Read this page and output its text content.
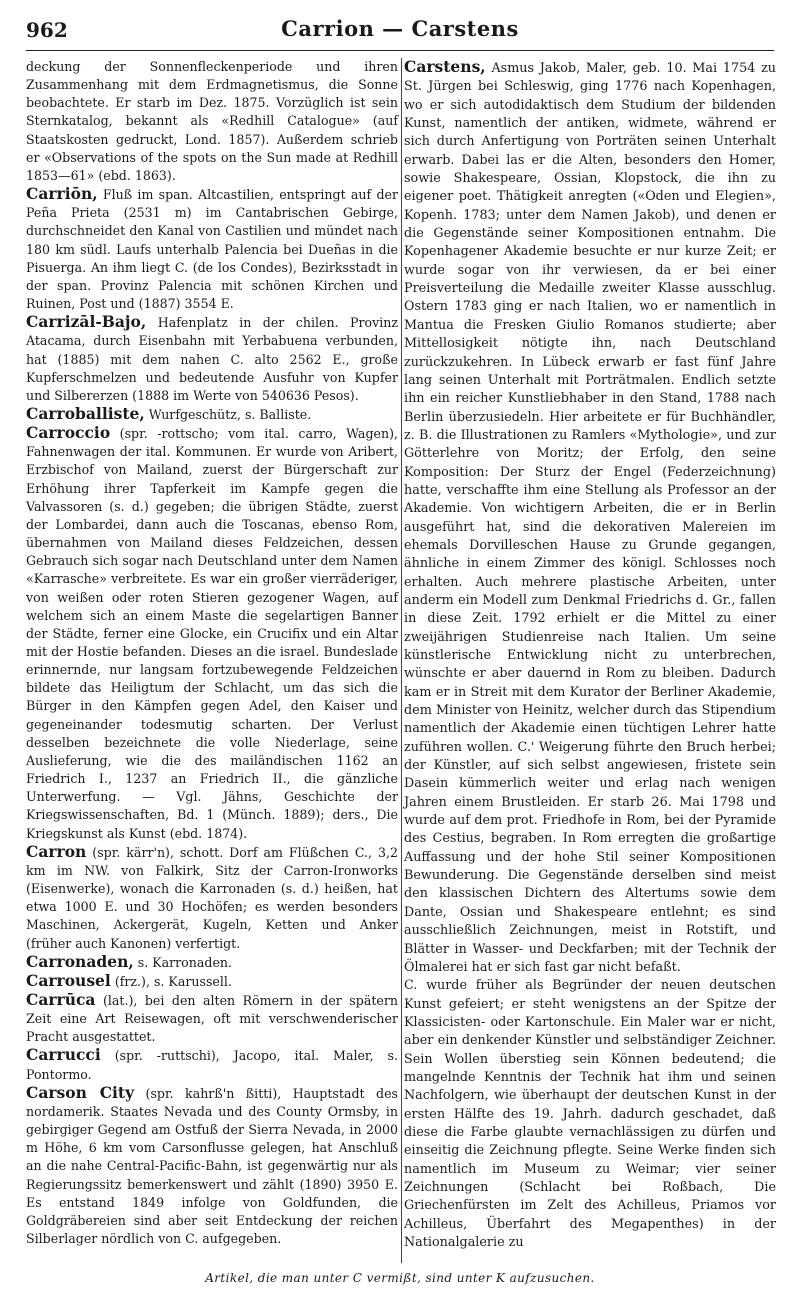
962	Carrion — Carstens

deckung der Sonnenfleckenperiode und ihren Zusammenhang mit dem Erdmagnetismus, die Sonne beobachtete. Er starb im Dez. 1875. Vorzüglich ist sein Sternkatalog, bekannt als «Redhill Catalogue» (auf Staatskosten gedruckt, Lond. 1857). Außerdem schrieb er «Observations of the spots on the Sun made at Redhill 1853—61» (ebd. 1863).

Carriōn, Fluß im span. Altcastilien, entspringt auf der Peña Prieta (2531 m) im Cantabrischen Gebirge, durchschneidet den Kanal von Castilien und mündet nach 180 km südl. Laufs unterhalb Palencia bei Dueñas in die Pisuerga. An ihm liegt C. (de los Condes), Bezirksstadt in der span. Provinz Palencia mit schönen Kirchen und Ruinen, Post und (1887) 3554 E.

Carrizāl-Bajo, Hafenplatz in der chilen. Provinz Atacama, durch Eisenbahn mit Yerbabuena verbunden, hat (1885) mit dem nahen C. alto 2562 E., große Kupferschmelzen und bedeutende Ausfuhr von Kupfer und Silbererzen (1888 im Werte von 540636 Pesos).

Carroballiste, Wurfgeschütz, s. Balliste.

Carroccio (spr. -rottscho; vom ital. carro, Wagen), Fahnenwagen der ital. Kommunen. Er wurde von Aribert, Erzbischof von Mailand, zuerst der Bürgerschaft zur Erhöhung ihrer Tapferkeit im Kampfe gegen die Valvassoren (s. d.) gegeben; die übrigen Städte, zuerst der Lombardei, dann auch die Toscanas, ebenso Rom, übernahmen von Mailand dieses Feldzeichen, dessen Gebrauch sich sogar nach Deutschland unter dem Namen «Karrasche» verbreitete. Es war ein großer vierräderiger, von weißen oder roten Stieren gezogener Wagen, auf welchem sich an einem Maste die segelartigen Banner der Städte, ferner eine Glocke, ein Crucifix und ein Altar mit der Hostie befanden. Dieses an die israel. Bundeslade erinnernde, nur langsam fortzubewegende Feldzeichen bildete das Heiligtum der Schlacht, um das sich die Bürger in den Kämpfen gegen Adel, den Kaiser und gegeneinander todesmutig scharten. Der Verlust desselben bezeichnete die volle Niederlage, seine Auslieferung, wie die des mailändischen 1162 an Friedrich I., 1237 an Friedrich II., die gänzliche Unterwerfung. — Vgl. Jähns, Geschichte der Kriegswissenschaften, Bd. 1 (Münch. 1889); ders., Die Kriegskunst als Kunst (ebd. 1874).

Carron (spr. kärr'n), schott. Dorf am Flüßchen C., 3,2 km im NW. von Falkirk, Sitz der Carron-Ironworks (Eisenwerke), wonach die Karronaden (s. d.) heißen, hat etwa 1000 E. und 30 Hochöfen; es werden besonders Maschinen, Ackergerät, Kugeln, Ketten und Anker (früher auch Kanonen) verfertigt.

Carronaden, s. Karronaden.

Carrousel (frz.), s. Karussell.

Carrūca (lat.), bei den alten Römern in der spätern Zeit eine Art Reisewagen, oft mit verschwenderischer Pracht ausgestattet.

Carrucci (spr. -ruttschi), Jacopo, ital. Maler, s. Pontormo.

Carson City (spr. kahrß'n ßitti), Hauptstadt des nordamerik. Staates Nevada und des County Ormsby, in gebirgiger Gegend am Ostfuß der Sierra Nevada, in 2000 m Höhe, 6 km vom Carsonflusse gelegen, hat Anschluß an die nahe Central-Pacific-Bahn, ist gegenwärtig nur als Regierungssitz bemerkenswert und zählt (1890) 3950 E. Es entstand 1849 infolge von Goldfunden, die Goldgräbereien sind aber seit Entdeckung der reichen Silberlager nördlich von C. aufgegeben.

Carstens, Asmus Jakob, Maler, geb. 10. Mai 1754 zu St. Jürgen bei Schleswig, ging 1776 nach Kopenhagen, wo er sich autodidaktisch dem Studium der bildenden Kunst, namentlich der antiken, widmete, während er sich durch Anfertigung von Porträten seinen Unterhalt erwarb. Dabei las er die Alten, besonders den Homer, sowie Shakespeare, Ossian, Klopstock, die ihn zu eigener poet. Thätigkeit anregten («Oden und Elegien», Kopenh. 1783; unter dem Namen Jakob), und denen er die Gegenstände seiner Kompositionen entnahm. Die Kopenhagener Akademie besuchte er nur kurze Zeit; er wurde sogar von ihr verwiesen, da er bei einer Preisverteilung die Medaille zweiter Klasse ausschlug. Ostern 1783 ging er nach Italien, wo er namentlich in Mantua die Fresken Giulio Romanos studierte; aber Mittellosigkeit nötigte ihn, nach Deutschland zurückzukehren. In Lübeck erwarb er fast fünf Jahre lang seinen Unterhalt mit Porträtmalen. Endlich setzte ihn ein reicher Kunstliebhaber in den Stand, 1788 nach Berlin überzusiedeln. Hier arbeitete er für Buchhändler, z. B. die Illustrationen zu Ramlers «Mythologie», und zur Götterlehre von Moritz; der Erfolg, den seine Komposition: Der Sturz der Engel (Federzeichnung) hatte, verschaffte ihm eine Stellung als Professor an der Akademie. Von wichtigern Arbeiten, die er in Berlin ausgeführt hat, sind die dekorativen Malereien im ehemals Dorvilleschen Hause zu Grunde gegangen, ähnliche in einem Zimmer des königl. Schlosses noch erhalten. Auch mehrere plastische Arbeiten, unter anderm ein Modell zum Denkmal Friedrichs d. Gr., fallen in diese Zeit. 1792 erhielt er die Mittel zu einer zweijährigen Studienreise nach Italien. Um seine künstlerische Entwicklung nicht zu unterbrechen, wünschte er aber dauernd in Rom zu bleiben. Dadurch kam er in Streit mit dem Kurator der Berliner Akademie, dem Minister von Heinitz, welcher durch das Stipendium namentlich der Akademie einen tüchtigen Lehrer hatte zuführen wollen. C.' Weigerung führte den Bruch herbei; der Künstler, auf sich selbst angewiesen, fristete sein Dasein kümmerlich weiter und erlag nach wenigen Jahren einem Brustleiden. Er starb 26. Mai 1798 und wurde auf dem prot. Friedhofe in Rom, bei der Pyramide des Cestius, begraben. In Rom erregten die großartige Auffassung und der hohe Stil seiner Kompositionen Bewunderung. Die Gegenstände derselben sind meist den klassischen Dichtern des Altertums sowie dem Dante, Ossian und Shakespeare entlehnt; es sind ausschließlich Zeichnungen, meist in Rotstift, und Blätter in Wasser- und Deckfarben; mit der Technik der Ölmalerei hat er sich fast gar nicht befaßt.

C. wurde früher als Begründer der neuen deutschen Kunst gefeiert; er steht wenigstens an der Spitze der Klassicisten- oder Kartonschule. Ein Maler war er nicht, aber ein denkender Künstler und selbständiger Zeichner. Sein Wollen überstieg sein Können bedeutend; die mangelnde Kenntnis der Technik hat ihm und seinen Nachfolgern, wie überhaupt der deutschen Kunst in der ersten Hälfte des 19. Jahrh. dadurch geschadet, daß diese die Farbe glaubte vernachlässigen zu dürfen und einseitig die Zeichnung pflegte. Seine Werke finden sich namentlich im Museum zu Weimar; vier seiner Zeichnungen (Schlacht bei Roßbach, Die Griechenfürsten im Zelt des Achilleus, Priamos vor Achilleus, Überfahrt des Megapenthes) in der Nationalgalerie zu

Artikel, die man unter C vermißt, sind unter K aufzusuchen.
